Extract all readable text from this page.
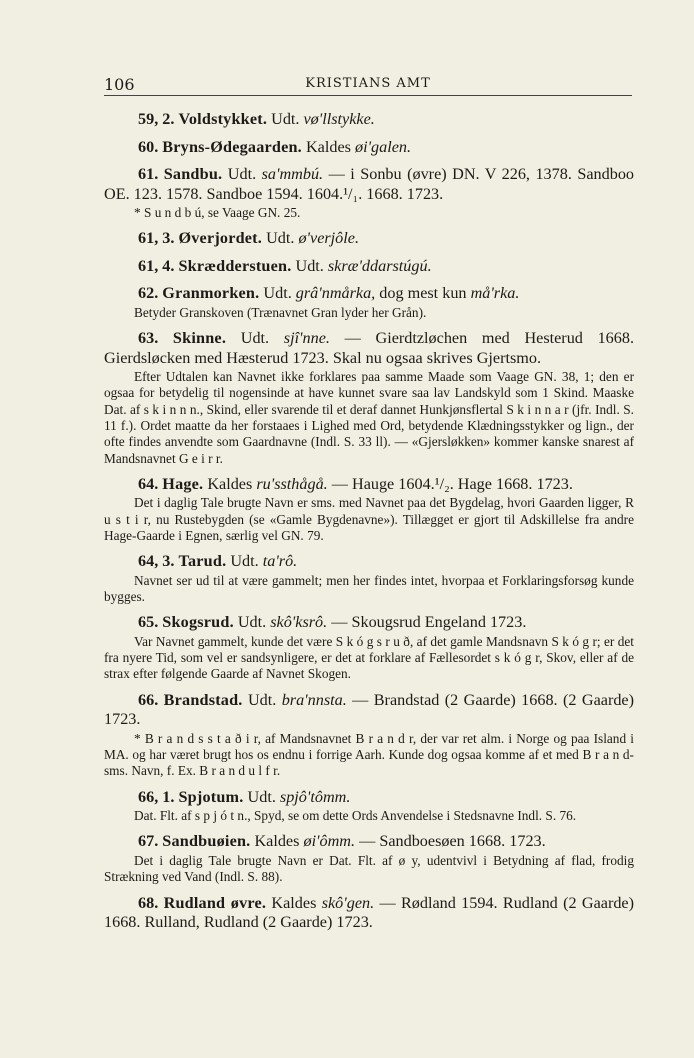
106	KRISTIANS AMT

59, 2. Voldstykket. Udt. vø'llstykke.

60. Bryns-Ødegaarden. Kaldes øi'galen.

61. Sandbu. Udt. sa'mmbú. — i Sonbu (øvre) DN. V 226, 1378. Sandboo OE. 123. 1578. Sandboe 1594. 1604.¹/₁. 1668. 1723.

* S u n d b ú, se Vaage GN. 25.

61, 3. Øverjordet. Udt. ø'verjôle.

61, 4. Skrædderstuen. Udt. skræ'ddarstúgú.

62. Granmorken. Udt. grâ'nmårka, dog mest kun må'rka.

Betyder Granskoven (Trænavnet Gran lyder her Grån).

63. Skinne. Udt. sjî'nne. — Gierdtzløchen med Hesterud 1668. Gierdsløcken med Hæsterud 1723. Skal nu ogsaa skrives Gjertsmo.

Efter Udtalen kan Navnet ikke forklares paa samme Maade som Vaage GN. 38, 1; den er ogsaa for betydelig til nogensinde at have kunnet svare saa lav Landskyld som 1 Skind. Maaske Dat. af s k i n n n., Skind, eller svarende til et deraf dannet Hunkjønsflertal S k i n n a r (jfr. Indl. S. 11 f.). Ordet maatte da her forstaaes i Lighed med Ord, betydende Klædningsstykker og lign., der ofte findes anvendte som Gaardnavne (Indl. S. 33 ll). — «Gjersløkken» kommer kanske snarest af Mandsnavnet G e i r r.

64. Hage. Kaldes ru'ssthågå. — Hauge 1604.¹/₂. Hage 1668. 1723.

Det i daglig Tale brugte Navn er sms. med Navnet paa det Bygdelag, hvori Gaarden ligger, R u s t i r, nu Rustebygden (se «Gamle Bygdenavne»). Tillægget er gjort til Adskillelse fra andre Hage-Gaarde i Egnen, særlig vel GN. 79.

64, 3. Tarud. Udt. ta'rô.

Navnet ser ud til at være gammelt; men her findes intet, hvorpaa et Forklaringsforsøg kunde bygges.

65. Skogsrud. Udt. skô'ksrô. — Skougsrud Engeland 1723.

Var Navnet gammelt, kunde det være S k ó g s r u ð, af det gamle Mandsnavn S k ó g r; er det fra nyere Tid, som vel er sandsynligere, er det at forklare af Fællesordet s k ó g r, Skov, eller af de strax efter følgende Gaarde af Navnet Skogen.

66. Brandstad. Udt. bra'nnsta. — Brandstad (2 Gaarde) 1668. (2 Gaarde) 1723.

* B r a n d s s t a ð i r, af Mandsnavnet B r a n d r, der var ret alm. i Norge og paa Island i MA. og har været brugt hos os endnu i forrige Aarh. Kunde dog ogsaa komme af et med B r a n d- sms. Navn, f. Ex. B r a n d u l f r.

66, 1. Spjotum. Udt. spjô'tômm.

Dat. Flt. af s p j ó t n., Spyd, se om dette Ords Anvendelse i Stedsnavne Indl. S. 76.

67. Sandbuøien. Kaldes øi'ômm. — Sandboesøen 1668. 1723.

Det i daglig Tale brugte Navn er Dat. Flt. af ø y, udentvivl i Betydning af flad, frodig Strækning ved Vand (Indl. S. 88).

68. Rudland øvre. Kaldes skô'gen. — Rødland 1594. Rudland (2 Gaarde) 1668. Rulland, Rudland (2 Gaarde) 1723.
